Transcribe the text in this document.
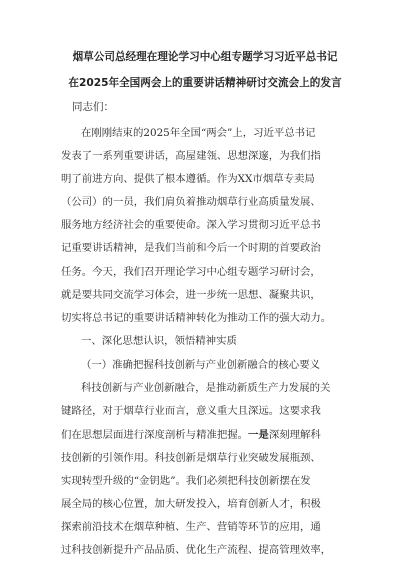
烟草公司总经理在理论学习中心组专题学习习近平总书记
在2025年全国两会上的重要讲话精神研讨交流会上的发言
同志们：
在刚刚结束的2025年全国“两会”上，习近平总书记
发表了一系列重要讲话，高屋建瓴、思想深邃，为我们指
明了前进方向、提供了根本遵循。作为XX市烟草专卖局
（公司）的一员，我们肩负着推动烟草行业高质量发展、
服务地方经济社会的重要使命。深入学习贯彻习近平总书
记重要讲话精神，是我们当前和今后一个时期的首要政治
任务。今天，我们召开理论学习中心组专题学习研讨会，
就是要共同交流学习体会，进一步统一思想、凝聚共识，
切实将总书记的重要讲话精神转化为推动工作的强大动力。
一、深化思想认识，领悟精神实质
（一）准确把握科技创新与产业创新融合的核心要义
科技创新与产业创新融合，是推动新质生产力发展的关
键路径，对于烟草行业而言，意义重大且深远。这要求我
们在思想层面进行深度剖析与精准把握。一是深刻理解科
技创新的引领作用。科技创新是烟草行业突破发展瓶颈、
实现转型升级的“金钥匙”。我们必须把科技创新摆在发
展全局的核心位置，加大研发投入，培育创新人才，积极
探索前沿技术在烟草种植、生产、营销等环节的应用，通
过科技创新提升产品品质、优化生产流程、提高管理效率，
